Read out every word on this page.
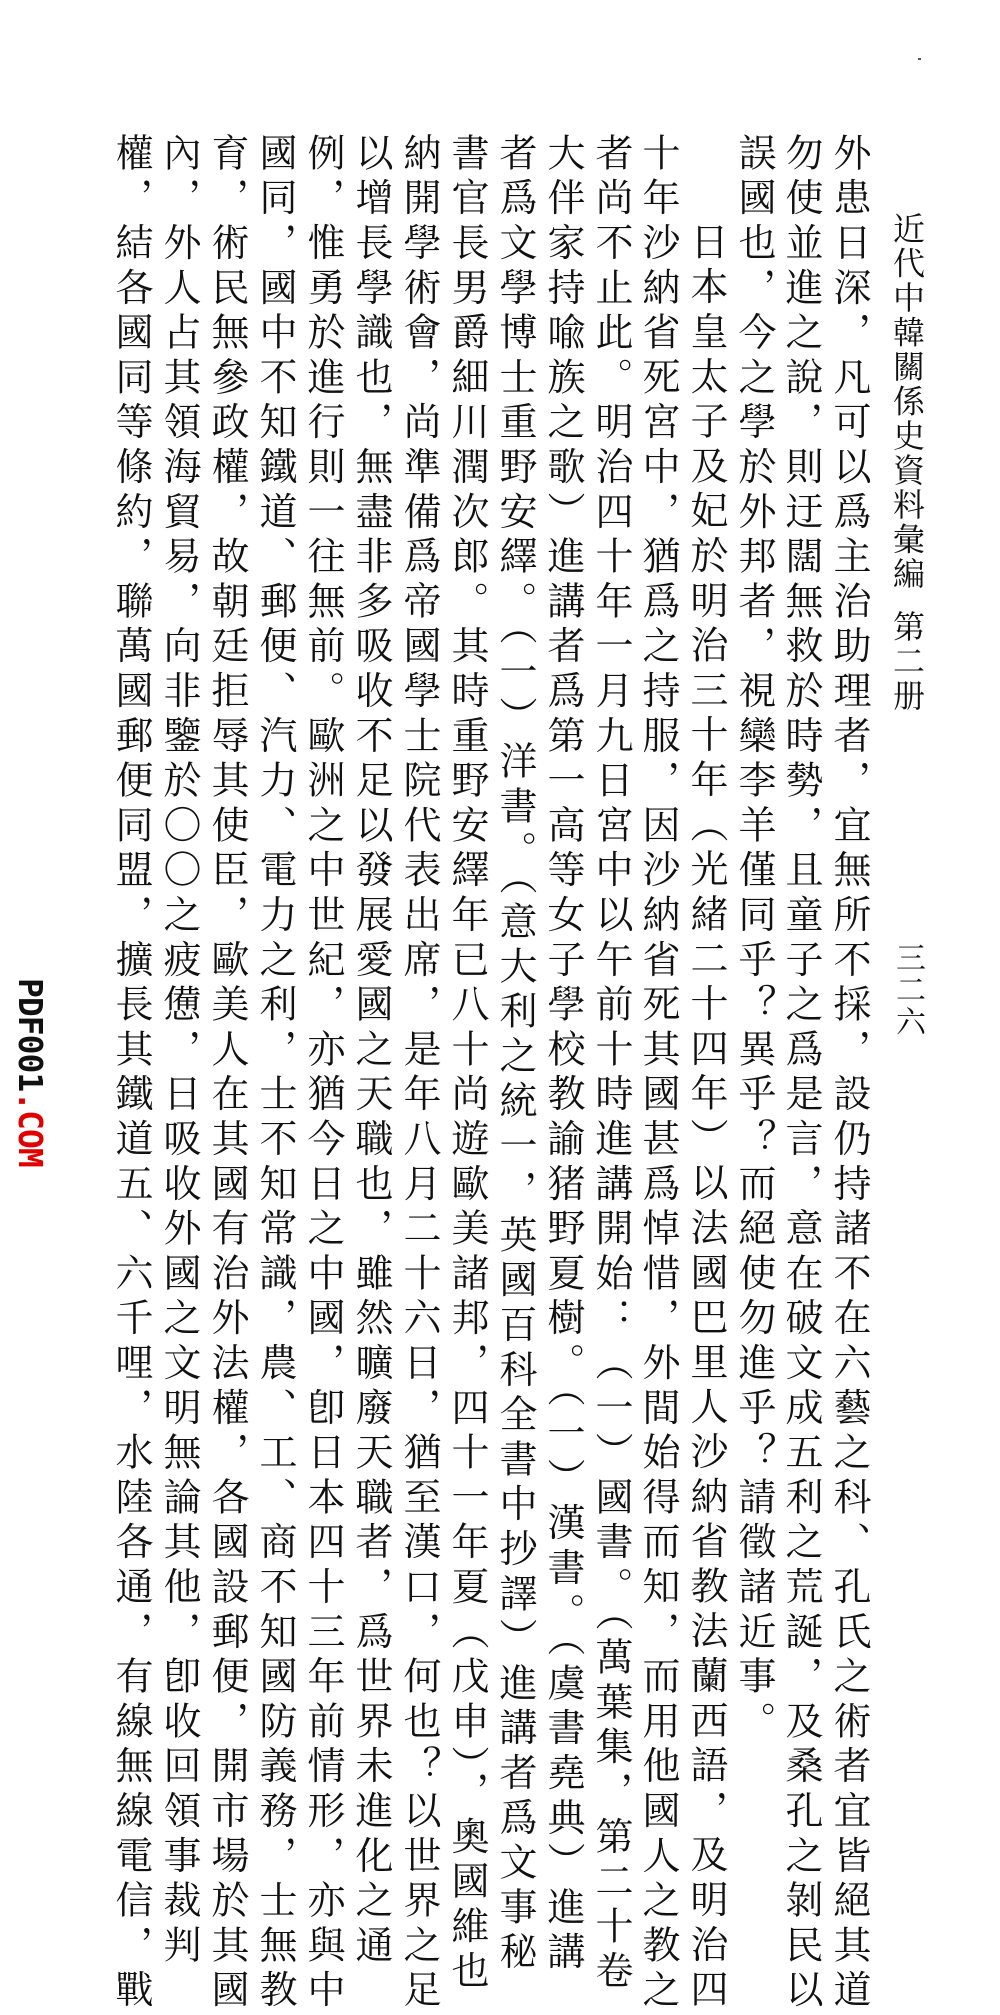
近代中韓關係史資料彙編第二册
三二六
外患日深，凡可以爲主治助理者，宜無所不採，設仍持諸不在六藝之科、孔氏之術者宜皆絕其道
勿使並進之說，則迂闊無救於時勢，且童子之爲是言，意在破文成五利之荒誕，及桑孔之剝民以
誤國也，今之學於外邦者，視欒李羊僅同乎？異乎？而絕使勿進乎？請徵諸近事。
日本皇太子及妃於明治三十年（光緒二十四年）以法國巴里人沙納省教法蘭西語，及明治四
十年沙納省死宮中，猶爲之持服，因沙納省死其國甚爲悼惜，外間始得而知，而用他國人之教之
者尚不止此。明治四十年一月九日宮中以午前十時進講開始：（一）國書。（萬葉集，第二十卷
大伴家持喩族之歌）進講者爲第一高等女子學校教諭猪野夏樹。（一）漢書。（虞書堯典）進講
者爲文學博士重野安繹。（一）洋書。（意大利之統一，英國百科全書中抄譯）進講者爲文事秘
書官長男爵細川潤次郎。其時重野安繹年已八十尚遊歐美諸邦，四十一年夏（戊申），奧國維也
納開學術會，尚準備爲帝國學士院代表出席，是年八月二十六日，猶至漢口，何也？以世界之足
以增長學識也，無盡非多吸收不足以發展愛國之天職也，雖然曠廢天職者，爲世界未進化之通
例，惟勇於進行則一往無前。歐洲之中世紀，亦猶今日之中國，卽日本四十三年前情形，亦與中
國同，國中不知鐵道、郵便、汽力、電力之利，士不知常識，農、工、商不知國防義務，士無教
育，術民無參政權，故朝廷拒辱其使臣，歐美人在其國有治外法權，各國設郵便，開市場於其國
內，外人占其領海貿易，向非鑒於〇〇之疲憊，日吸收外國之文明無論其他，卽收回領事裁判
權，結各國同等條約，聯萬國郵便同盟，擴長其鐵道五、六千哩，水陸各通，有線無線電信，戰
PDF001.COM
